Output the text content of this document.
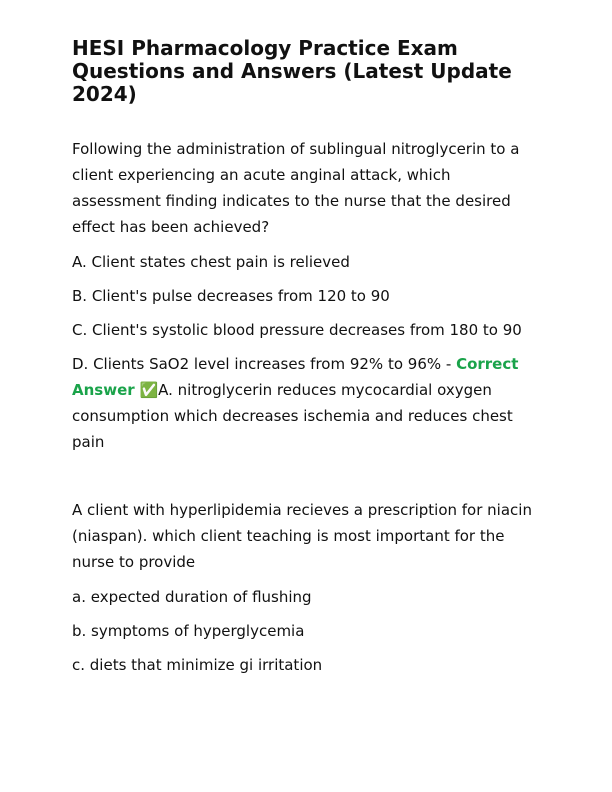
HESI Pharmacology Practice Exam Questions and Answers (Latest Update 2024)

Following the administration of sublingual nitroglycerin to a client experiencing an acute anginal attack, which assessment finding indicates to the nurse that the desired effect has been achieved?

A. Client states chest pain is relieved

B. Client's pulse decreases from 120 to 90

C. Client's systolic blood pressure decreases from 180 to 90

D. Clients SaO2 level increases from 92% to 96% - Correct Answer ✅A. nitroglycerin reduces mycocardial oxygen consumption which decreases ischemia and reduces chest pain

A client with hyperlipidemia recieves a prescription for niacin (niaspan). which client teaching is most important for the nurse to provide

a. expected duration of flushing

b. symptoms of hyperglycemia

c. diets that minimize gi irritation
